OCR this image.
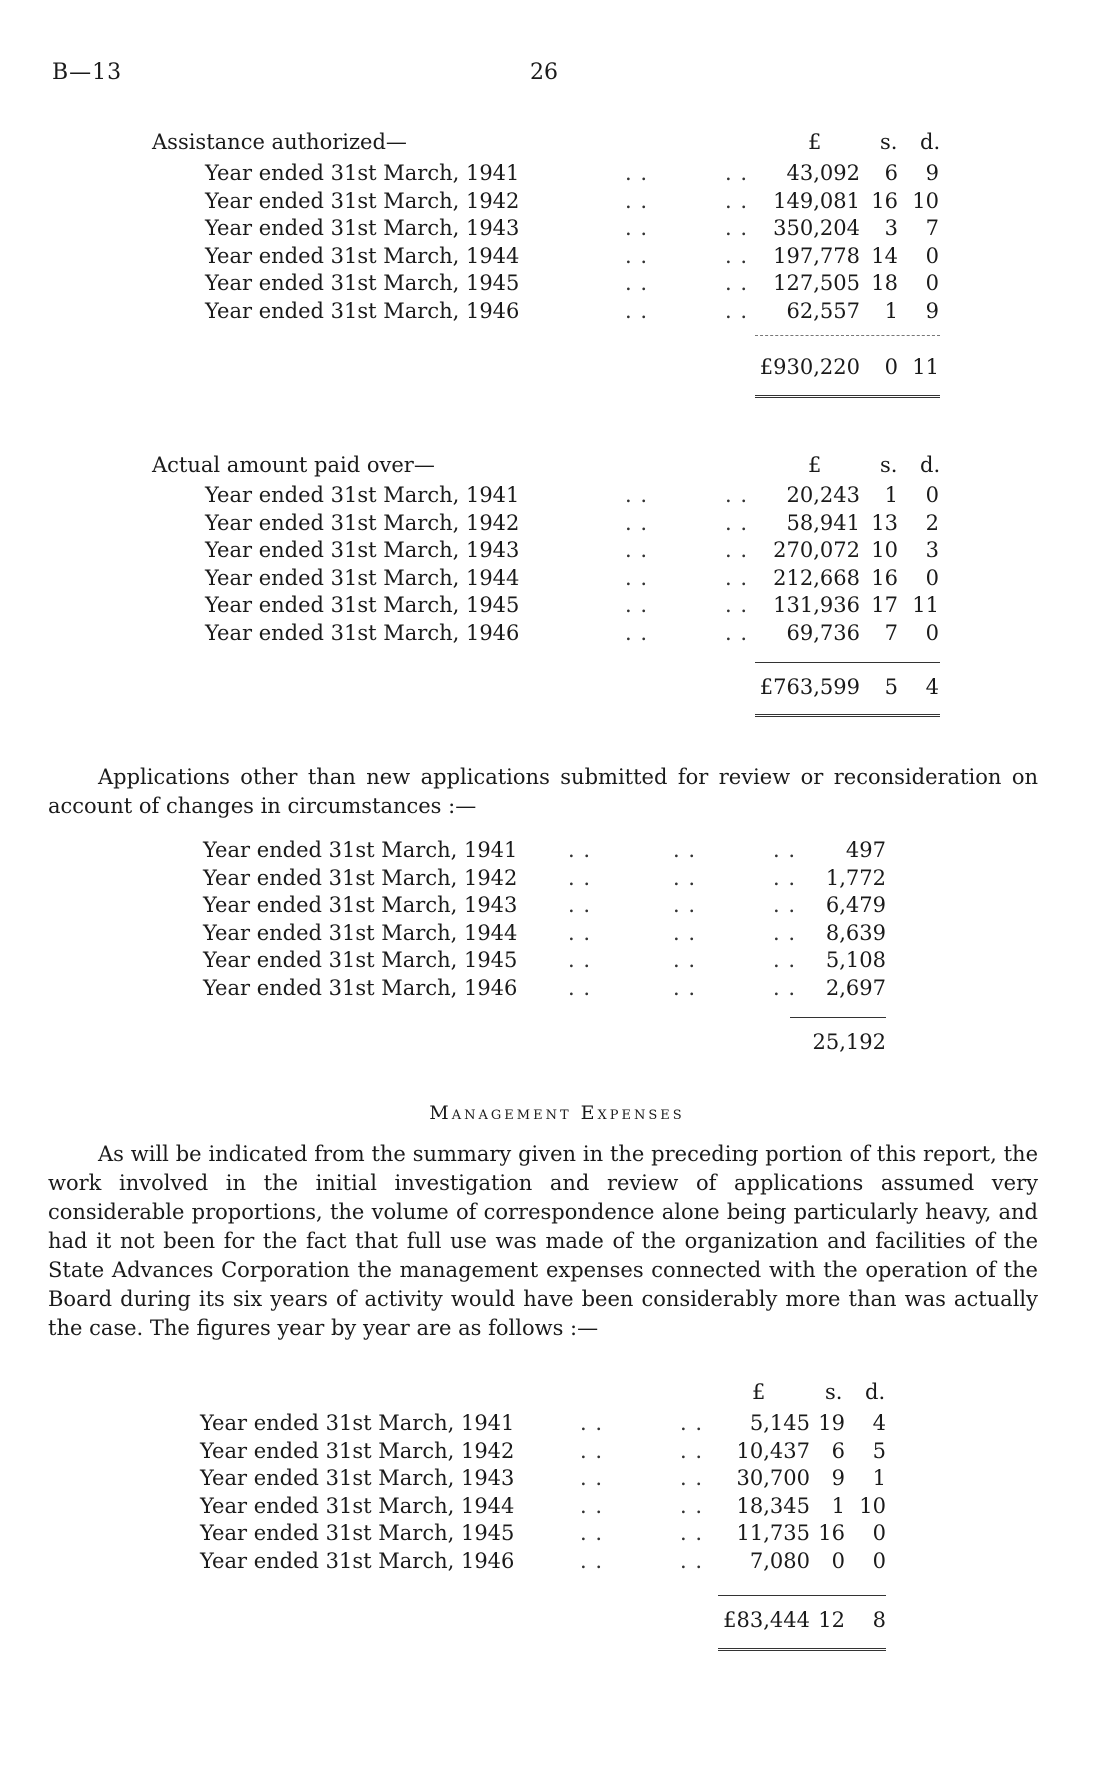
B—13	26
Assistance authorized—	£	s. d.
Year ended 31st March, 1941	. .	. .	43,092	6	9
Year ended 31st March, 1942	. .	. .	149,081 16 10
Year ended 31st March, 1943	. .	. .	350,204	3	7
Year ended 31st March, 1944	. .	. .	197,778 14	0
Year ended 31st March, 1945	. .	. .	127,505 18	0
Year ended 31st March, 1946	. .	. .	62,557	1	9
£930,220	0 11
Actual amount paid over—	£	s. d.
Year ended 31st March, 1941	. .	. .	20,243	1	0
Year ended 31st March, 1942	. .	. .	58,941 13	2
Year ended 31st March, 1943	. .	. .	270,072 10	3
Year ended 31st March, 1944	. .	. .	212,668 16	0
Year ended 31st March, 1945	. .	. .	131,936 17 11
Year ended 31st March, 1946	. .	. .	69,736	7	0
£763,599	5	4

Applications other than new applications submitted for review or reconsideration on account of changes in circumstances :—

Year ended 31st March, 1941 . .	. .	. .	497
Year ended 31st March, 1942 . .	. .	. .	1,772
Year ended 31st March, 1943 . .	. .	. .	6,479
Year ended 31st March, 1944 . .	. .	. .	8,639
Year ended 31st March, 1945 . .	. .	. .	5,108
Year ended 31st March, 1946 . .	. .	. .	2,697
25,192
Management Expenses

As will be indicated from the summary given in the preceding portion of this report, the work involved in the initial investigation and review of applications assumed very considerable proportions, the volume of correspondence alone being particularly heavy, and had it not been for the fact that full use was made of the organization and facilities of the State Advances Corporation the management expenses connected with the operation of the Board during its six years of activity would have been considerably more than was actually the case. The figures year by year are as follows :—

£	s. d.
Year ended 31st March, 1941	. .	. .	5,145 19	4
Year ended 31st March, 1942	. .	. .	10,437	6	5
Year ended 31st March, 1943	. .	. .	30,700	9	1
Year ended 31st March, 1944	. .	. .	18,345	1 10
Year ended 31st March, 1945	. .	. .	11,735 16	0
Year ended 31st March, 1946	. .	. .	7,080	0	0
£83,444 12	8
